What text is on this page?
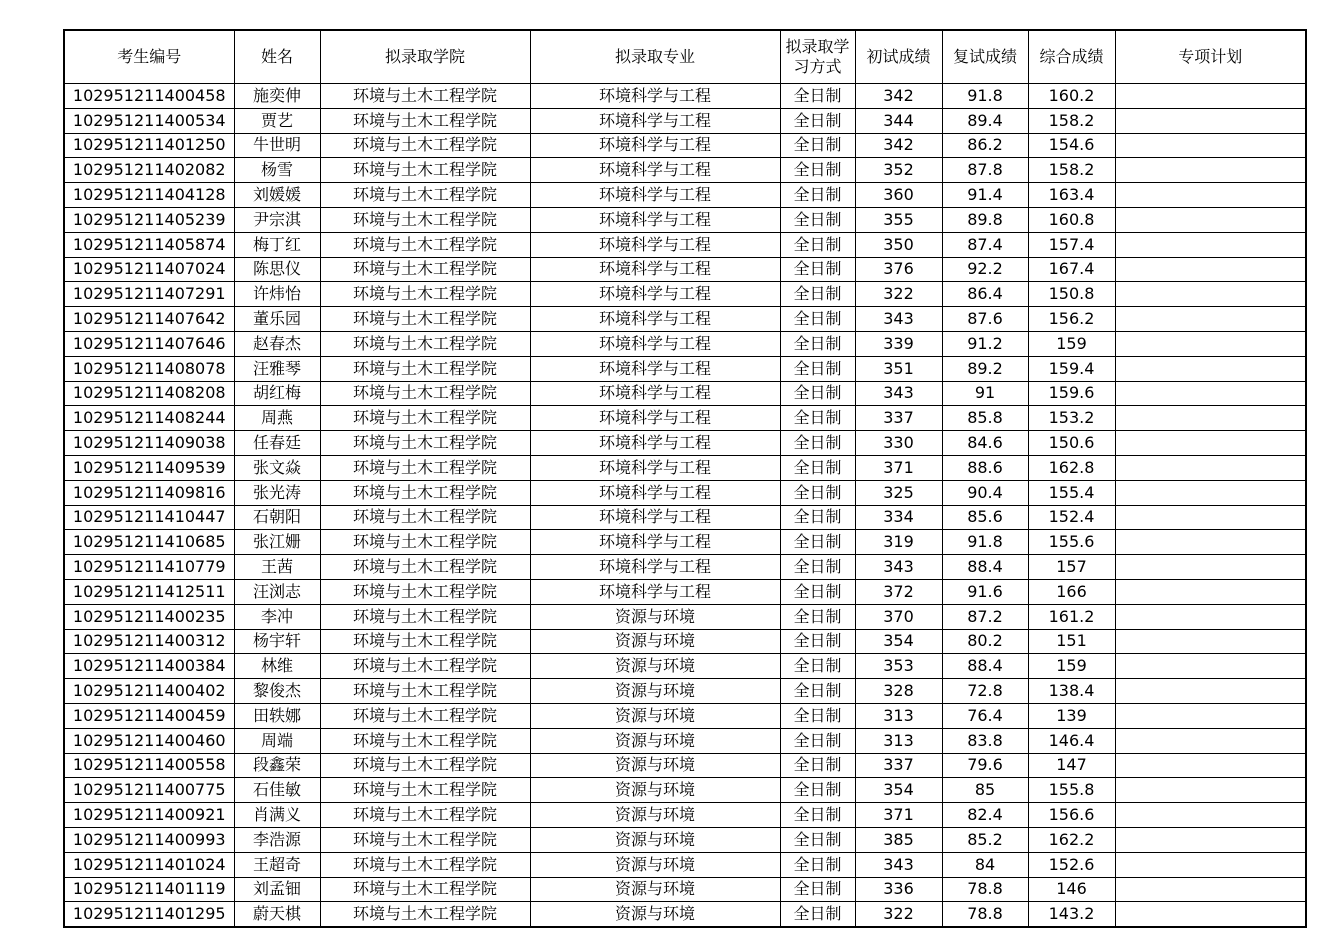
考生编号	姓名	拟录取学院	拟录取专业	拟录取学习方式	初试成绩	复试成绩	综合成绩	专项计划
102951211400458	施奕伸	环境与土木工程学院	环境科学与工程	全日制	342	91.8	160.2	
102951211400534	贾艺	环境与土木工程学院	环境科学与工程	全日制	344	89.4	158.2	
102951211401250	牛世明	环境与土木工程学院	环境科学与工程	全日制	342	86.2	154.6	
102951211402082	杨雪	环境与土木工程学院	环境科学与工程	全日制	352	87.8	158.2	
102951211404128	刘媛媛	环境与土木工程学院	环境科学与工程	全日制	360	91.4	163.4	
102951211405239	尹宗淇	环境与土木工程学院	环境科学与工程	全日制	355	89.8	160.8	
102951211405874	梅丁红	环境与土木工程学院	环境科学与工程	全日制	350	87.4	157.4	
102951211407024	陈思仪	环境与土木工程学院	环境科学与工程	全日制	376	92.2	167.4	
102951211407291	许炜怡	环境与土木工程学院	环境科学与工程	全日制	322	86.4	150.8	
102951211407642	董乐园	环境与土木工程学院	环境科学与工程	全日制	343	87.6	156.2	
102951211407646	赵春杰	环境与土木工程学院	环境科学与工程	全日制	339	91.2	159	
102951211408078	汪雅琴	环境与土木工程学院	环境科学与工程	全日制	351	89.2	159.4	
102951211408208	胡红梅	环境与土木工程学院	环境科学与工程	全日制	343	91	159.6	
102951211408244	周燕	环境与土木工程学院	环境科学与工程	全日制	337	85.8	153.2	
102951211409038	任春廷	环境与土木工程学院	环境科学与工程	全日制	330	84.6	150.6	
102951211409539	张文焱	环境与土木工程学院	环境科学与工程	全日制	371	88.6	162.8	
102951211409816	张光涛	环境与土木工程学院	环境科学与工程	全日制	325	90.4	155.4	
102951211410447	石朝阳	环境与土木工程学院	环境科学与工程	全日制	334	85.6	152.4	
102951211410685	张江姗	环境与土木工程学院	环境科学与工程	全日制	319	91.8	155.6	
102951211410779	王茜	环境与土木工程学院	环境科学与工程	全日制	343	88.4	157	
102951211412511	汪浏志	环境与土木工程学院	环境科学与工程	全日制	372	91.6	166	
102951211400235	李冲	环境与土木工程学院	资源与环境	全日制	370	87.2	161.2	
102951211400312	杨宇轩	环境与土木工程学院	资源与环境	全日制	354	80.2	151	
102951211400384	林维	环境与土木工程学院	资源与环境	全日制	353	88.4	159	
102951211400402	黎俊杰	环境与土木工程学院	资源与环境	全日制	328	72.8	138.4	
102951211400459	田轶娜	环境与土木工程学院	资源与环境	全日制	313	76.4	139	
102951211400460	周端	环境与土木工程学院	资源与环境	全日制	313	83.8	146.4	
102951211400558	段鑫荣	环境与土木工程学院	资源与环境	全日制	337	79.6	147	
102951211400775	石佳敏	环境与土木工程学院	资源与环境	全日制	354	85	155.8	
102951211400921	肖满义	环境与土木工程学院	资源与环境	全日制	371	82.4	156.6	
102951211400993	李浩源	环境与土木工程学院	资源与环境	全日制	385	85.2	162.2	
102951211401024	王超奇	环境与土木工程学院	资源与环境	全日制	343	84	152.6	
102951211401119	刘孟钿	环境与土木工程学院	资源与环境	全日制	336	78.8	146	
102951211401295	蔚天棋	环境与土木工程学院	资源与环境	全日制	322	78.8	143.2	
